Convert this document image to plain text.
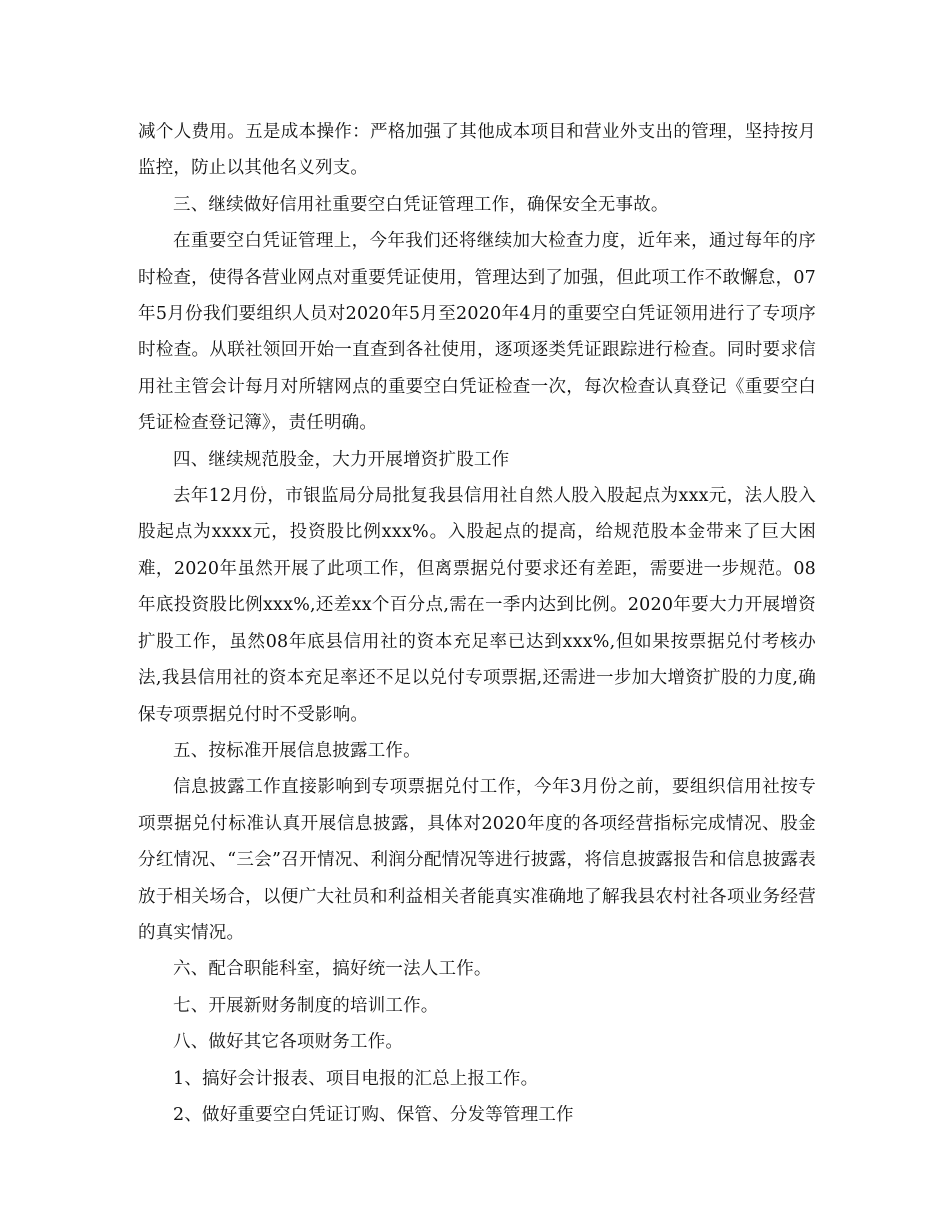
减个人费用。五是成本操作：严格加强了其他成本项目和营业外支出的管理，坚持按月监控，防止以其他名义列支。

三、继续做好信用社重要空白凭证管理工作，确保安全无事故。

在重要空白凭证管理上，今年我们还将继续加大检查力度，近年来，通过每年的序时检查，使得各营业网点对重要凭证使用，管理达到了加强，但此项工作不敢懈怠，07年5月份我们要组织人员对2020年5月至2020年4月的重要空白凭证领用进行了专项序时检查。从联社领回开始一直查到各社使用，逐项逐类凭证跟踪进行检查。同时要求信用社主管会计每月对所辖网点的重要空白凭证检查一次，每次检查认真登记《重要空白凭证检查登记簿》，责任明确。

四、继续规范股金，大力开展增资扩股工作

去年12月份，市银监局分局批复我县信用社自然人股入股起点为xxx元，法人股入股起点为xxxx元，投资股比例xxx%。入股起点的提高，给规范股本金带来了巨大困难，2020年虽然开展了此项工作，但离票据兑付要求还有差距，需要进一步规范。08年底投资股比例xxx%,还差xx个百分点,需在一季内达到比例。2020年要大力开展增资扩股工作，虽然08年底县信用社的资本充足率已达到xxx%,但如果按票据兑付考核办法,我县信用社的资本充足率还不足以兑付专项票据,还需进一步加大增资扩股的力度,确保专项票据兑付时不受影响。

五、按标准开展信息披露工作。

信息披露工作直接影响到专项票据兑付工作，今年3月份之前，要组织信用社按专项票据兑付标准认真开展信息披露，具体对2020年度的各项经营指标完成情况、股金分红情况、“三会”召开情况、利润分配情况等进行披露，将信息披露报告和信息披露表放于相关场合，以便广大社员和利益相关者能真实准确地了解我县农村社各项业务经营的真实情况。

六、配合职能科室，搞好统一法人工作。

七、开展新财务制度的培训工作。

八、做好其它各项财务工作。

1、搞好会计报表、项目电报的汇总上报工作。

2、做好重要空白凭证订购、保管、分发等管理工作
